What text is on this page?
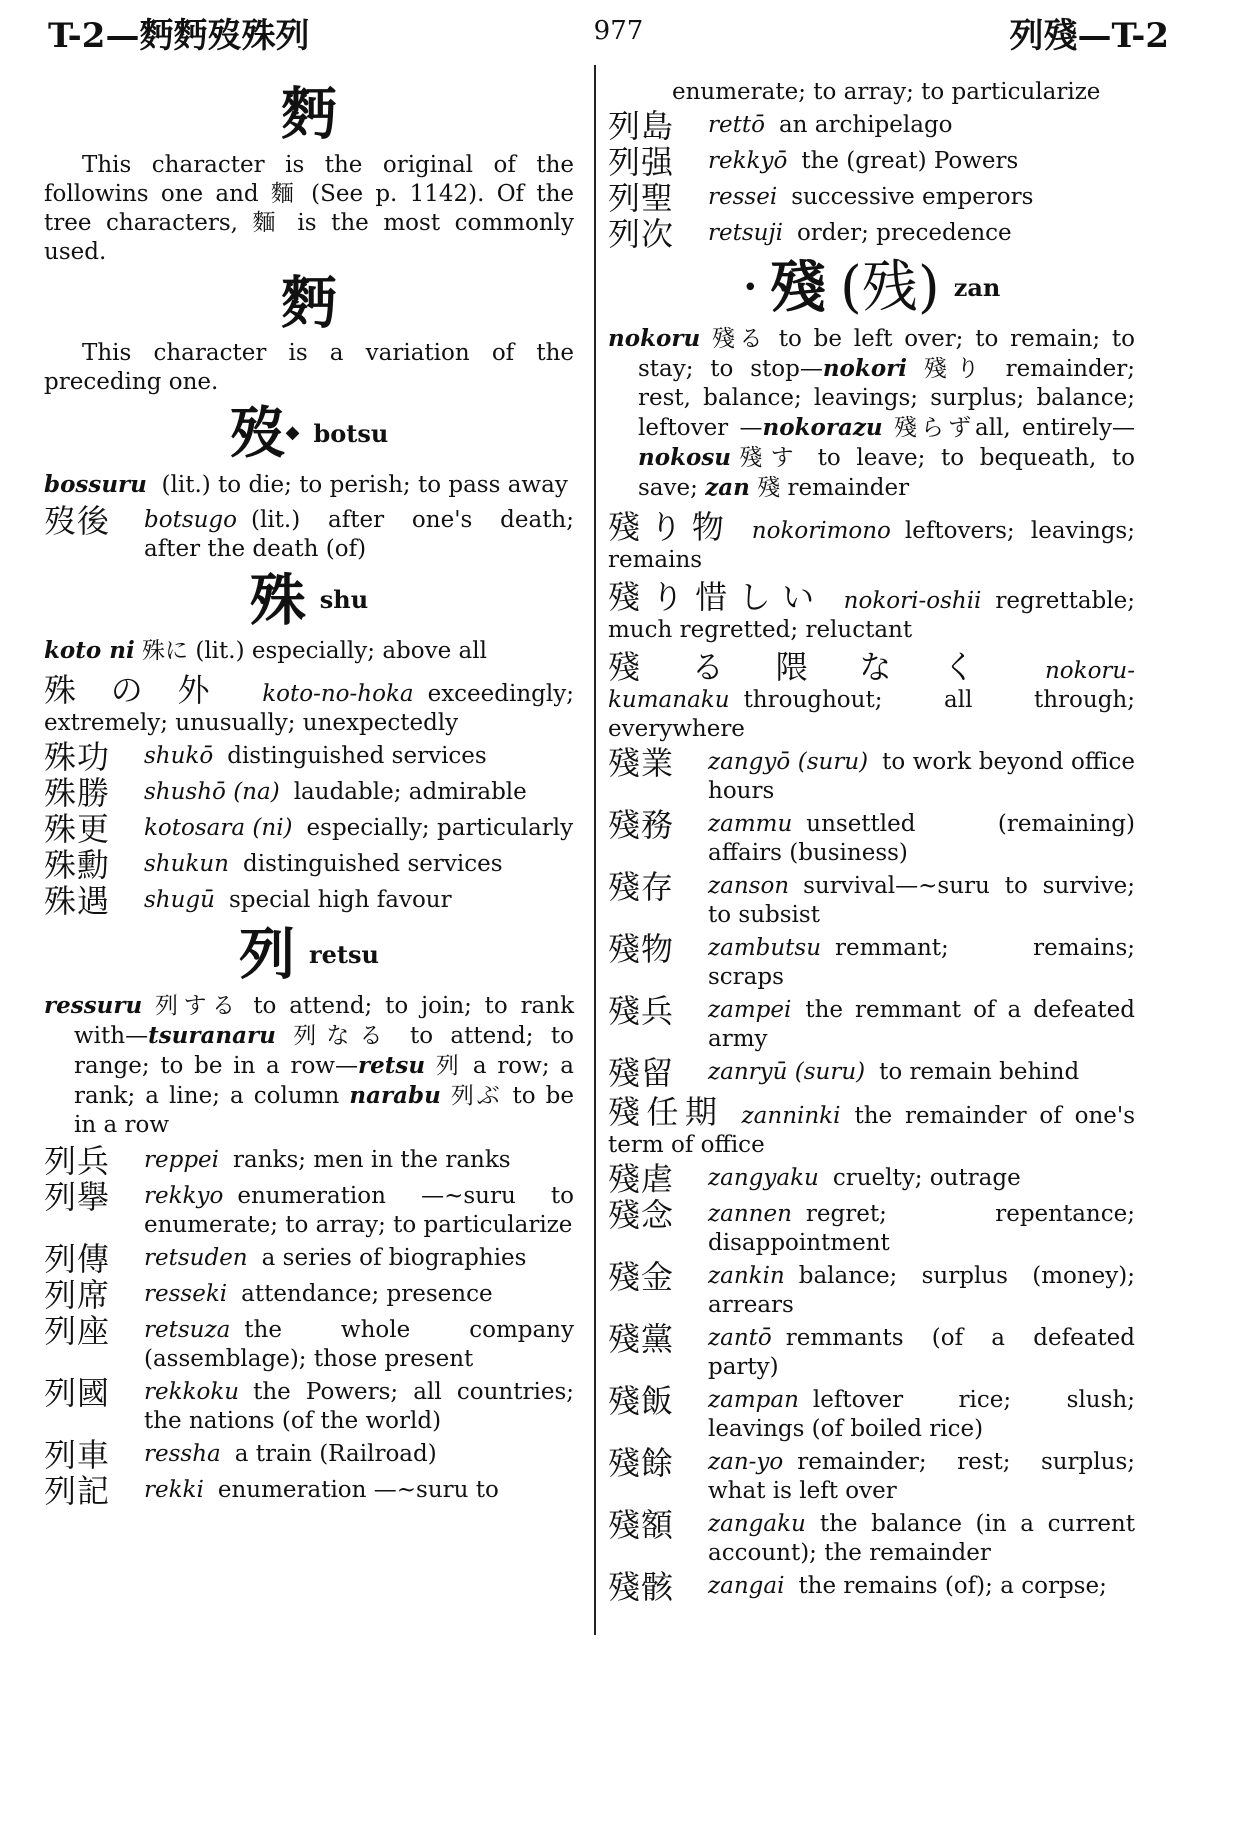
T-2—麪麪歿殊列	977	列殘—T-2
麪

This character is the original of the followins one and 麵 (See p. 1142). Of the tree characters, 麵 is the most commonly used.

麪

This character is a variation of the preceding one.

歿◆ botsu

bossuru (lit.) to die; to perish; to pass away

歿後 botsugo (lit.) after one's death; after the death (of)
殊shu

koto ni 殊に (lit.) especially; above all

殊の外 koto-no-hoka exceedingly; extremely; unusually; unexpectedly
殊功 shukō distinguished services
殊勝 shushō (na) laudable; admirable
殊更 kotosara (ni) especially; particularly
殊勳 shukun distinguished services
殊遇 shugū special high favour
列retsu

ressuru 列する to attend; to join; to rank with—tsuranaru 列なる to attend; to range; to be in a row—retsu 列 a row; a rank; a line; a column narabu 列ぶ to be in a row

列兵 reppei ranks; men in the ranks
列擧 rekkyo enumeration —~suru to enumerate; to array; to particularize
列傳 retsuden a series of biographies
列席 resseki attendance; presence
列座 retsuza the whole company (assemblage); those present
列國 rekkoku the Powers; all countries; the nations (of the world)
列車 ressha a train (Railroad)
列記 rekki enumeration —~suru to
enumerate; to array; to particularize
列島 rettō an archipelago
列强 rekkyō the (great) Powers
列聖 ressei successive emperors
列次 retsuji order; precedence
• 殘 (残) zan

nokoru 殘る to be left over; to remain; to stay; to stop—nokori 殘り remainder; rest, balance; leavings; surplus; balance; leftover —nokorazu 殘らずall, entirely—nokosu殘す to leave; to bequeath, to save; zan 殘 remainder

殘り物 nokorimono leftovers; leavings; remains
殘り惜しい nokori-oshii regrettable; much regretted; reluctant
殘る隈なく nokoru-kumanaku throughout; all through; everywhere
殘業 zangyō (suru) to work beyond office hours
殘務 zammu unsettled (remaining) affairs (business)
殘存 zanson survival—~suru to survive; to subsist
殘物 zambutsu remmant; remains; scraps
殘兵 zampei the remmant of a defeated army
殘留 zanryū (suru) to remain behind
殘任期 zanninki the remainder of one's term of office
殘虐 zangyaku cruelty; outrage
殘念 zannen regret; repentance; disappointment
殘金 zankin balance; surplus (money); arrears
殘黨 zantō remmants (of a defeated party)
殘飯 zampan leftover rice; slush; leavings (of boiled rice)
殘餘 zan-yo remainder; rest; surplus; what is left over
殘額 zangaku the balance (in a current account); the remainder
殘骸 zangai the remains (of); a corpse;
